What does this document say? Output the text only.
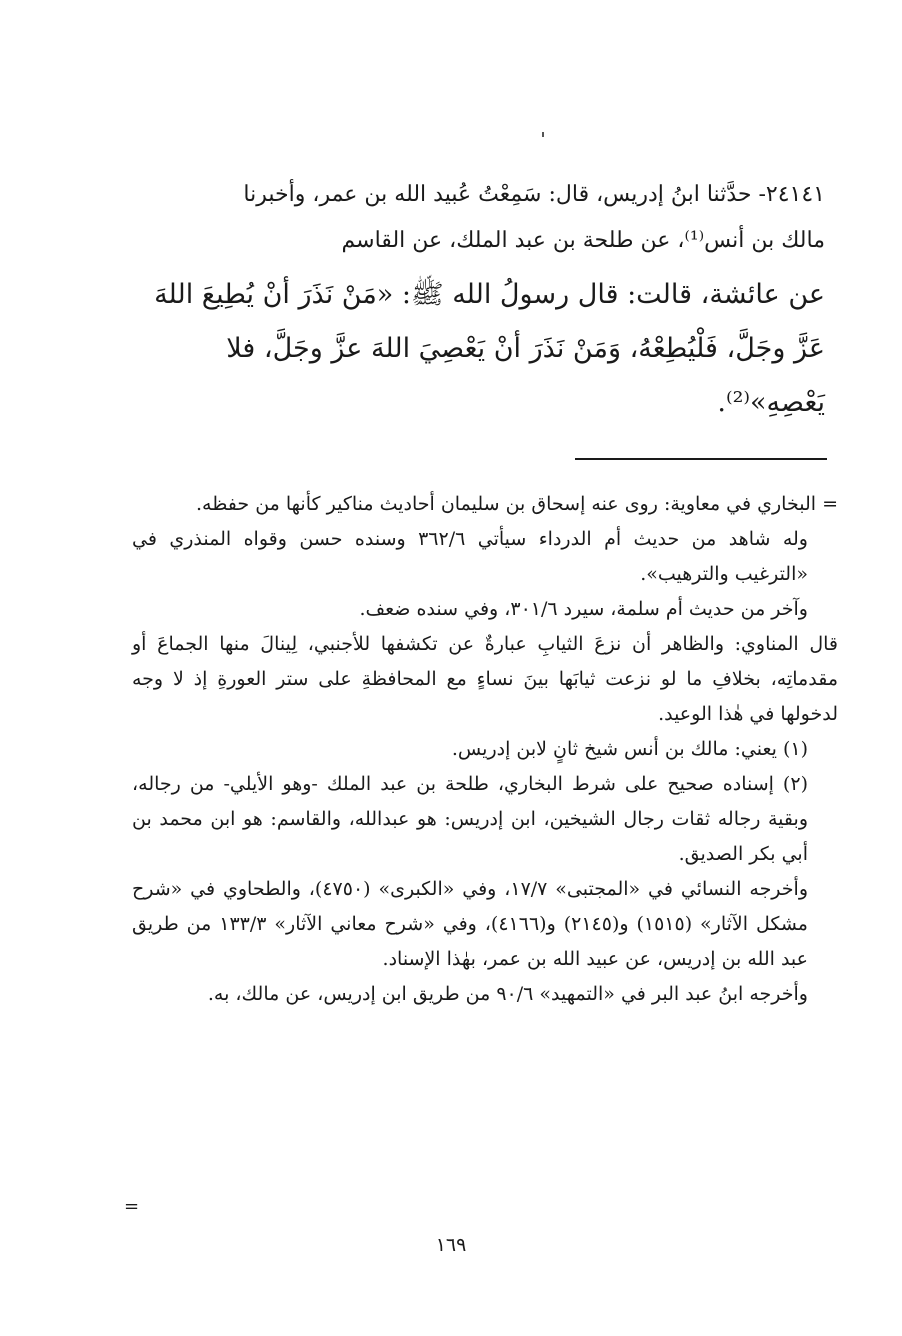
٢٤١٤١- حدَّثنا ابنُ إدريس، قال: سَمِعْتُ عُبيد الله بن عمر، وأخبرنا
مالك بن أنس⁽¹⁾، عن طلحة بن عبد الملك، عن القاسم
عن عائشة، قالت: قال رسولُ الله ﷺ: «مَنْ نَذَرَ أنْ يُطِيعَ اللهَ
عَزَّ وجَلَّ، فَلْيُطِعْهُ، وَمَنْ نَذَرَ أنْ يَعْصِيَ اللهَ عزَّ وجَلَّ، فلا
يَعْصِهِ»⁽²⁾.

= البخاري في معاوية: روى عنه إسحاق بن سليمان أحاديث مناكير كأنها من حفظه.

وله شاهد من حديث أم الدرداء سيأتي ٣٦٢/٦ وسنده حسن وقواه المنذري في «الترغيب والترهيب».

وآخر من حديث أم سلمة، سيرد ٣٠١/٦، وفي سنده ضعف.

قال المناوي: والظاهر أن نزعَ الثيابِ عبارةٌ عن تكشفها للأجنبي، لِينالَ منها الجماعَ أو مقدماتِه، بخلافِ ما لو نزعت ثيابَها بينَ نساءٍ مع المحافظةِ على ستر العورةِ إذ لا وجه لدخولها في هٰذا الوعيد.

(١) يعني: مالك بن أنس شيخ ثانٍ لابن إدريس.

(٢) إسناده صحيح على شرط البخاري، طلحة بن عبد الملك -وهو الأيلي- من رجاله، وبقية رجاله ثقات رجال الشيخين، ابن إدريس: هو عبدالله، والقاسم: هو ابن محمد بن أبي بكر الصديق.

وأخرجه النسائي في «المجتبى» ١٧/٧، وفي «الكبرى» (٤٧٥٠)، والطحاوي في «شرح مشكل الآثار» (١٥١٥) و(٢١٤٥) و(٤١٦٦)، وفي «شرح معاني الآثار» ١٣٣/٣ من طريق عبد الله بن إدريس، عن عبيد الله بن عمر، بهٰذا الإسناد.

وأخرجه ابنُ عبد البر في «التمهيد» ٩٠/٦ من طريق ابن إدريس، عن مالك، به.

=
١٦٩
